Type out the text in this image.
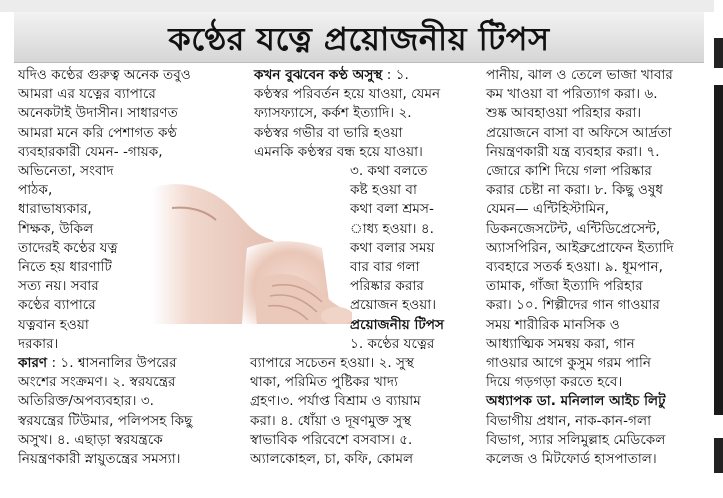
কণ্ঠের যত্নে প্রয়োজনীয় টিপস

যদিও কণ্ঠের গুরুত্ব অনেক তবুও

আমরা এর যত্নের ব্যাপারে

অনেকটাই উদাসীন। সাধারণত

আমরা মনে করি পেশাগত কণ্ঠ

ব্যবহারকারী যেমন- -গায়ক,

অভিনেতা, সংবাদ

পাঠক,

ধারাভাষ্যকার,

শিক্ষক, উকিল

তাদেরই কণ্ঠের যত্ন

নিতে হয় ধারণাটি

সত্য নয়। সবার

কণ্ঠের ব্যাপারে

যত্নবান হওয়া

দরকার।

কারণ : ১. শ্বাসনালির উপরের

অংশের সংক্রমণ। ২. স্বরযন্ত্রের

অতিরিক্ত/অপব্যবহার। ৩.

স্বরযন্ত্রের টিউমার, পলিপসহ কিছু

অসুখ। ৪. এছাড়া স্বরযন্ত্রকে

নিয়ন্ত্রণকারী স্নায়ুতন্ত্রের সমস্যা।

কখন বুঝবেন কণ্ঠ অসুস্থ : ১.

কণ্ঠস্বর পরিবর্তন হয়ে যাওয়া, যেমন

ফ্যাসফ্যাসে, কর্কশ ইত্যাদি। ২.

কণ্ঠস্বর গভীর বা ভারি হওয়া

এমনকি কণ্ঠস্বর বন্ধ হয়ে যাওয়া।

৩. কথা বলতে

কষ্ট হওয়া বা

কথা বলা শ্রমস-

াধ্য হওয়া। ৪.

কথা বলার সময়

বার বার গলা

পরিষ্কার করার

প্রয়োজন হওয়া।

প্রয়োজনীয় টিপস

১. কণ্ঠের যত্নের

ব্যাপারে সচেতন হওয়া। ২. সুস্থ

থাকা, পরিমিত পুষ্টিকর খাদ্য

গ্রহণ।৩. পর্যাপ্ত বিশ্রাম ও ব্যায়াম

করা। ৪. ধোঁয়া ও দূষণমুক্ত সুস্থ

স্বাভাবিক পরিবেশে বসবাস। ৫.

অ্যালকোহল, চা, কফি, কোমল

পানীয়, ঝাল ও তেলে ভাজা খাবার

কম খাওয়া বা পরিত্যাগ করা। ৬.

শুষ্ক আবহাওয়া পরিহার করা।

প্রয়োজনে বাসা বা অফিসে আর্দ্রতা

নিয়ন্ত্রণকারী যন্ত্র ব্যবহার করা। ৭.

জোরে কাশি দিয়ে গলা পরিষ্কার

করার চেষ্টা না করা। ৮. কিছু ওষুধ

যেমন— এন্টিহিস্টামিন,

ডিকনজেসটেন্ট, এন্টিডিপ্রেসেন্ট,

অ্যাসপিরিন, আইব্রুপ্রোফেন ইত্যাদি

ব্যবহারে সতর্ক হওয়া। ৯. ধূমপান,

তামাক, গাঁজা ইত্যাদি পরিহার

করা। ১০. শিল্পীদের গান গাওয়ার

সময় শারীরিক মানসিক ও

আধ্যাত্মিক সমন্বয় করা, গান

গাওয়ার আগে কুসুম গরম পানি

দিয়ে গড়গড়া করতে হবে।

অধ্যাপক ডা. মনিলাল আইচ লিটু

বিভাগীয় প্রধান, নাক-কান-গলা

বিভাগ, স্যার সলিমুল্লাহ মেডিকেল

কলেজ ও মিটফোর্ড হাসপাতাল।
